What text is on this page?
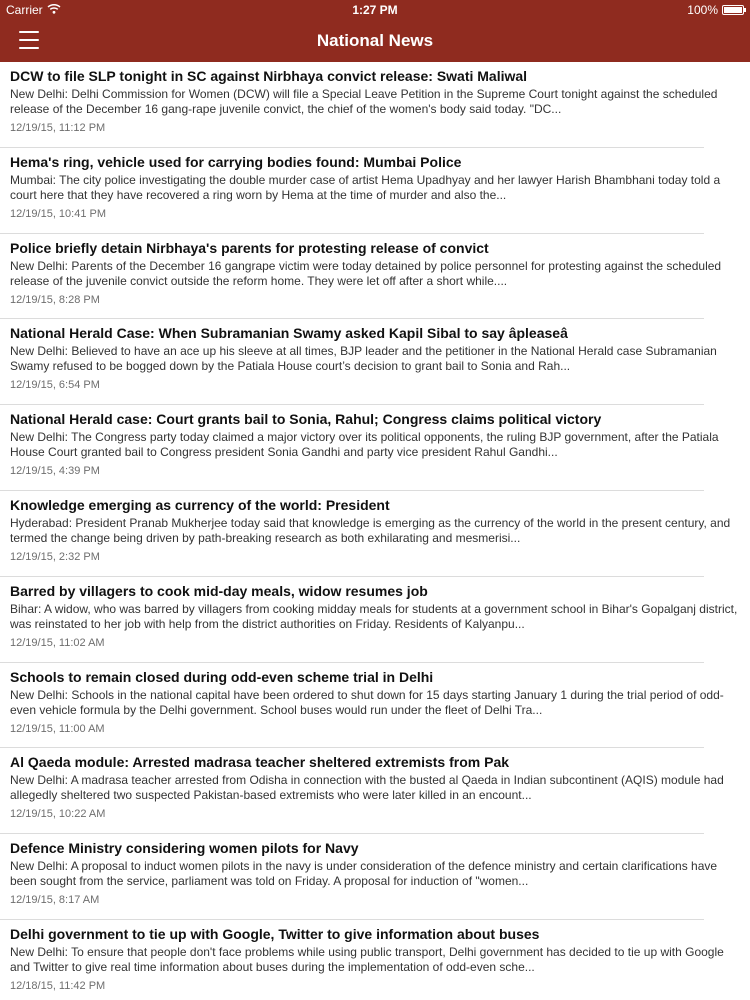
Carrier	1:27 PM	100%
National News
DCW to file SLP tonight in SC against Nirbhaya convict release: Swati Maliwal
New Delhi: Delhi Commission for Women (DCW) will file a Special Leave Petition in the Supreme Court tonight against the scheduled release of the December 16 gang-rape juvenile convict, the chief of the women's body said today. "DC...
12/19/15, 11:12 PM
Hema's ring, vehicle used for carrying bodies found: Mumbai Police
Mumbai: The city police investigating the double murder case of artist Hema Upadhyay and her lawyer Harish Bhambhani today told a court here that they have recovered a ring worn by Hema at the time of murder and also the...
12/19/15, 10:41 PM
Police briefly detain Nirbhaya's parents for protesting release of convict
New Delhi: Parents of the December 16 gangrape victim were today detained by police personnel for protesting against the scheduled release of the juvenile convict outside the reform home. They were let off after a short while....
12/19/15, 8:28 PM
National Herald Case: When Subramanian Swamy asked Kapil Sibal to say âpleaseâ
New Delhi: Believed to have an ace up his sleeve at all times, BJP leader and the petitioner in the National Herald case Subramanian Swamy refused to be bogged down by the Patiala House court’s decision to grant bail to Sonia and Rah...
12/19/15, 6:54 PM
National Herald case: Court grants bail to Sonia, Rahul; Congress claims political victory
New Delhi: The Congress party today claimed a major victory over its political opponents, the ruling BJP government, after the Patiala House Court granted bail to Congress president Sonia Gandhi and party vice president Rahul Gandhi...
12/19/15, 4:39 PM
Knowledge emerging as currency of the world: President
Hyderabad: President Pranab Mukherjee today said that knowledge is emerging as the currency of the world in the present century, and termed the change being driven by path-breaking research as both exhilarating and mesmerisi...
12/19/15, 2:32 PM
Barred by villagers to cook mid-day meals, widow resumes job
Bihar: A widow, who was barred by villagers from cooking midday meals for students at a government school in Bihar's Gopalganj district, was reinstated to her job with help from the district authorities on Friday. Residents of Kalyanpu...
12/19/15, 11:02 AM
Schools to remain closed during odd-even scheme trial in Delhi
New Delhi: Schools in the national capital have been ordered to shut down for 15 days starting January 1 during the trial period of odd-even vehicle formula by the Delhi government. School buses would run under the fleet of Delhi Tra...
12/19/15, 11:00 AM
Al Qaeda module: Arrested madrasa teacher sheltered extremists from Pak
New Delhi: A madrasa teacher arrested from Odisha in connection with the busted al Qaeda in Indian subcontinent (AQIS) module had allegedly sheltered two suspected Pakistan-based extremists who were later killed in an encount...
12/19/15, 10:22 AM
Defence Ministry considering women pilots for Navy
New Delhi: A proposal to induct women pilots in the navy is under consideration of the defence ministry and certain clarifications have been sought from the service, parliament was told on Friday. A proposal for induction of "women...
12/19/15, 8:17 AM
Delhi government to tie up with Google, Twitter to give information about buses
New Delhi: To ensure that people don't face problems while using public transport, Delhi government has decided to tie up with Google and Twitter to give real time information about buses during the implementation of odd-even sche...
12/18/15, 11:42 PM
